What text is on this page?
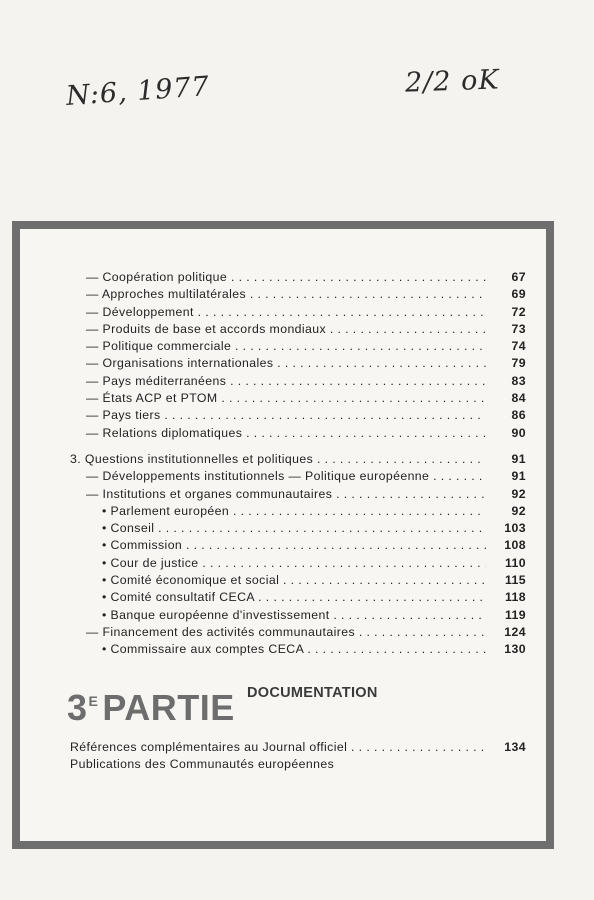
N:6, 1977	2/2 oK
— Coopération politique . . .	67
— Approches multilatérales . . .	69
— Développement . . .	72
— Produits de base et accords mondiaux . . .	73
— Politique commerciale . . .	74
— Organisations internationales . . .	79
— Pays méditerranéens . . .	83
— États ACP et PTOM . . .	84
— Pays tiers . . .	86
— Relations diplomatiques . . .	90
3. Questions institutionnelles et politiques . . .	91
— Développements institutionnels — Politique européenne . . .	91
— Institutions et organes communautaires . . .	92
• Parlement européen . . .	92
• Conseil . . .	103
• Commission . . .	108
• Cour de justice . . .	110
• Comité économique et social . . .	115
• Comité consultatif CECA . . .	118
• Banque européenne d'investissement . . .	119
— Financement des activités communautaires . . .	124
• Commissaire aux comptes CECA . . .	130
$3^E$ PARTIE DOCUMENTATION
Références complémentaires au Journal officiel . . .	134
Publications des Communautés européennes
